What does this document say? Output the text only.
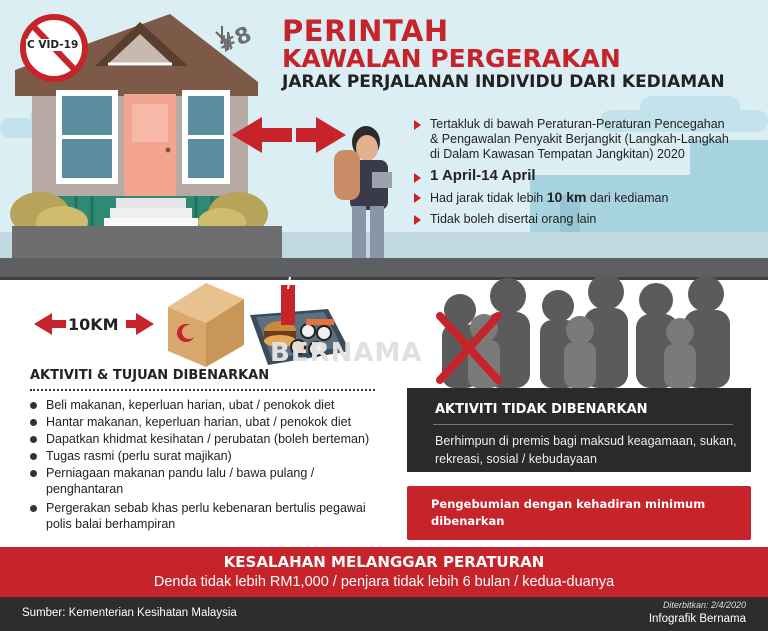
C VID-19	#8 PERINTAH
KAWALAN PERGERAKAN
JARAK PERJALANAN INDIVIDU DARI KEDIAMAN
Tertakluk di bawah Peraturan-Peraturan Pencegahan & Pengawalan Penyakit Berjangkit (Langkah-Langkah di Dalam Kawasan Tempatan Jangkitan) 2020
1 April-14 April
Had jarak tidak lebih 10 km dari kediaman
Tidak boleh disertai orang lain
10KM
BERNAMA
AKTIVITI & TUJUAN DIBENARKAN
Beli makanan, keperluan harian, ubat / penokok diet
Hantar makanan, keperluan harian, ubat / penokok diet
Dapatkan khidmat kesihatan / perubatan (boleh berteman)
Tugas rasmi (perlu surat majikan)
Perniagaan makanan pandu lalu / bawa pulang / penghantaran
Pergerakan sebab khas perlu kebenaran bertulis pegawai polis balai berhampiran
AKTIVITI TIDAK DIBENARKAN
Berhimpun di premis bagi maksud keagamaan, sukan, rekreasi, sosial / kebudayaan
Pengebumian dengan kehadiran minimum dibenarkan
KESALAHAN MELANGGAR PERATURAN
Denda tidak lebih RM1,000 / penjara tidak lebih 6 bulan / kedua-duanya
Sumber: Kementerian Kesihatan Malaysia
Diterbitkan: 2/4/2020
Infografik Bernama
